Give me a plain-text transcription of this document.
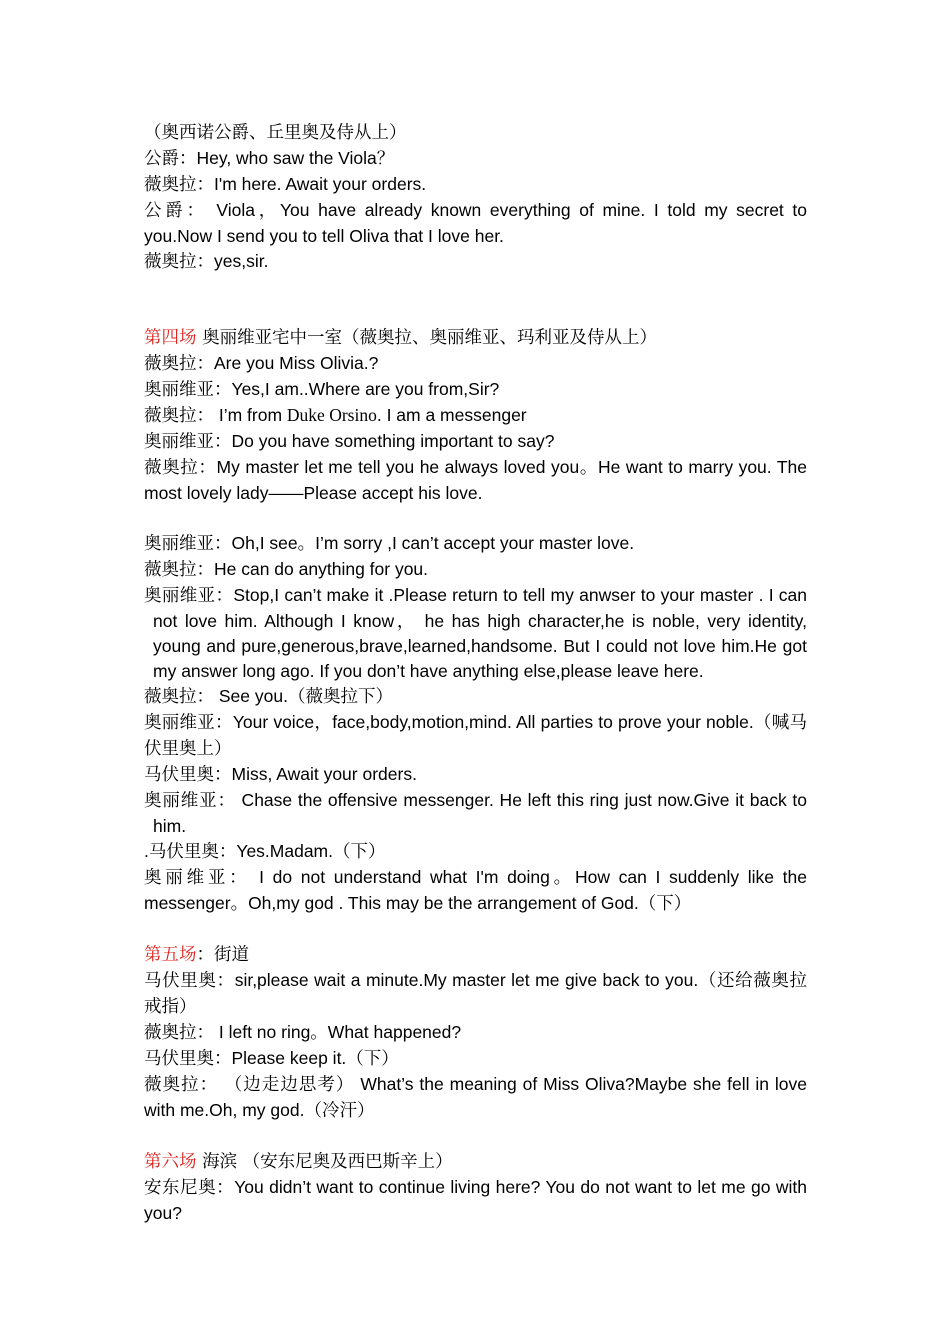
（奥西诺公爵、丘里奥及侍从上）
公爵：Hey, who saw the Viola？
薇奥拉：I'm here. Await your orders.
公爵： Viola，You have already known everything of mine. I told my secret to you.Now I send you to tell Oliva that I love her.
薇奥拉：yes,sir.
第四场 奥丽维亚宅中一室（薇奥拉、奥丽维亚、玛利亚及侍从上）
薇奥拉：Are you Miss Olivia.?
奥丽维亚：Yes,I am..Where are you from,Sir?
薇奥拉： I’m from Duke Orsino. I am a messenger
奥丽维亚：Do you have something important to say?
薇奥拉：My master let me tell you he always loved you。He want to marry you. The most lovely lady——Please accept his love.
奥丽维亚：Oh,I see。I’m sorry ,I can’t accept your master love.
薇奥拉：He can do anything for you.
奥丽维亚：Stop,I can’t make it .Please return to tell my anwser to your master . I can not love him. Although I know， he has high character,he is noble, very identity, young and pure,generous,brave,learned,handsome. But I could not love him.He got my answer long ago. If you don’t have anything else,please leave here.
薇奥拉： See you.（薇奥拉下）
奥丽维亚：Your voice，face,body,motion,mind. All parties to prove your noble.（喊马伏里奥上）
马伏里奥：Miss, Await your orders.
奥丽维亚： Chase the offensive messenger. He left this ring just now.Give it back to him.
.马伏里奥：Yes.Madam.（下）
奥丽维亚： I do not understand what I'm doing。How can I suddenly like the messenger。Oh,my god . This may be the arrangement of God.（下）
第五场：街道
马伏里奥：sir,please wait a minute.My master let me give back to you.（还给薇奥拉戒指）
薇奥拉： I left no ring。What happened?
马伏里奥：Please keep it.（下）
薇奥拉： （边走边思考） What’s the meaning of Miss Oliva?Maybe she fell in love with me.Oh, my god.（冷汗）
第六场 海滨 （安东尼奥及西巴斯辛上）
安东尼奥：You didn’t want to continue living here? You do not want to let me go with you?
